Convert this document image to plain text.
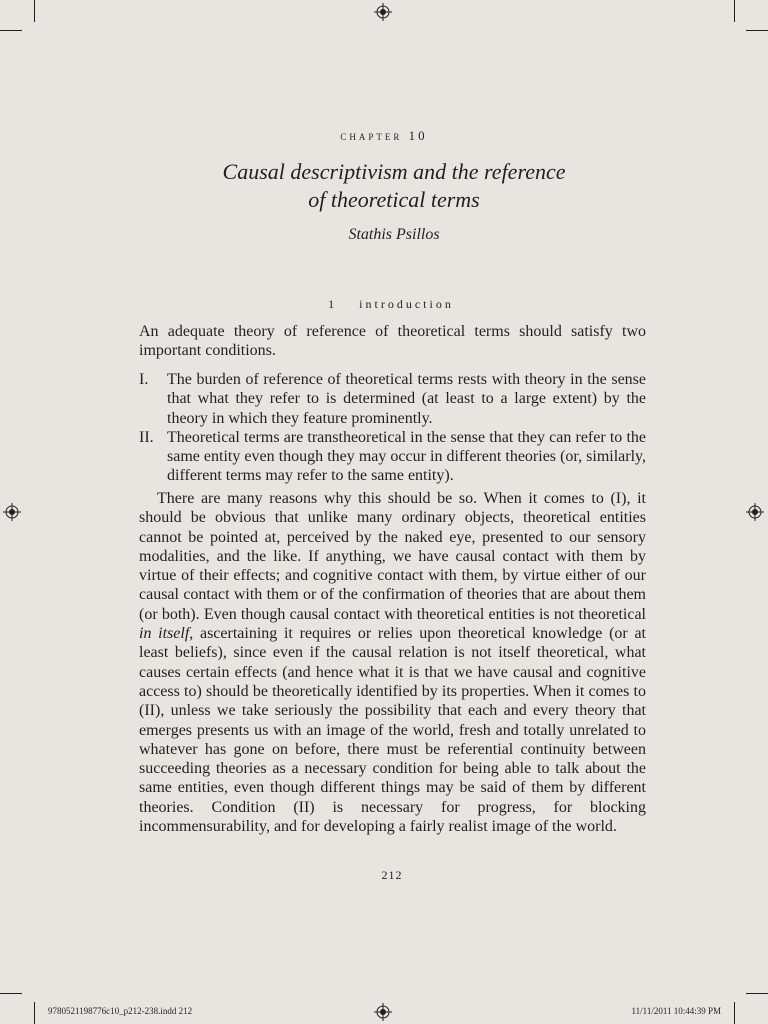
chapter 10
Causal descriptivism and the reference
of theoretical terms
Stathis Psillos
1 introduction
An adequate theory of reference of theoretical terms should satisfy two important conditions.
I.	The burden of reference of theoretical terms rests with theory in the sense that what they refer to is determined (at least to a large extent) by the theory in which they feature prominently.
II. Theoretical terms are transtheoretical in the sense that they can refer to the same entity even though they may occur in different theories (or, similarly, different terms may refer to the same entity).
There are many reasons why this should be so. When it comes to (I), it should be obvious that unlike many ordinary objects, theoretical entities cannot be pointed at, perceived by the naked eye, presented to our sensory modalities, and the like. If anything, we have causal contact with them by virtue of their effects; and cognitive contact with them, by virtue either of our causal contact with them or of the confirmation of theories that are about them (or both). Even though causal contact with theoretical entities is not theoretical in itself, ascertaining it requires or relies upon theoretical knowledge (or at least beliefs), since even if the causal relation is not itself theoretical, what causes certain effects (and hence what it is that we have causal and cognitive access to) should be theoretically identified by its properties. When it comes to (II), unless we take seriously the possibility that each and every theory that emerges presents us with an image of the world, fresh and totally unrelated to whatever has gone on before, there must be referential continuity between succeeding theories as a necessary condition for being able to talk about the same entities, even though different things may be said of them by different theories. Condition (II) is necessary for progress, for blocking incommensurability, and for developing a fairly realist image of the world.
212
9780521198776c10_p212-238.indd 212	11/11/2011 10:44:39 PM
